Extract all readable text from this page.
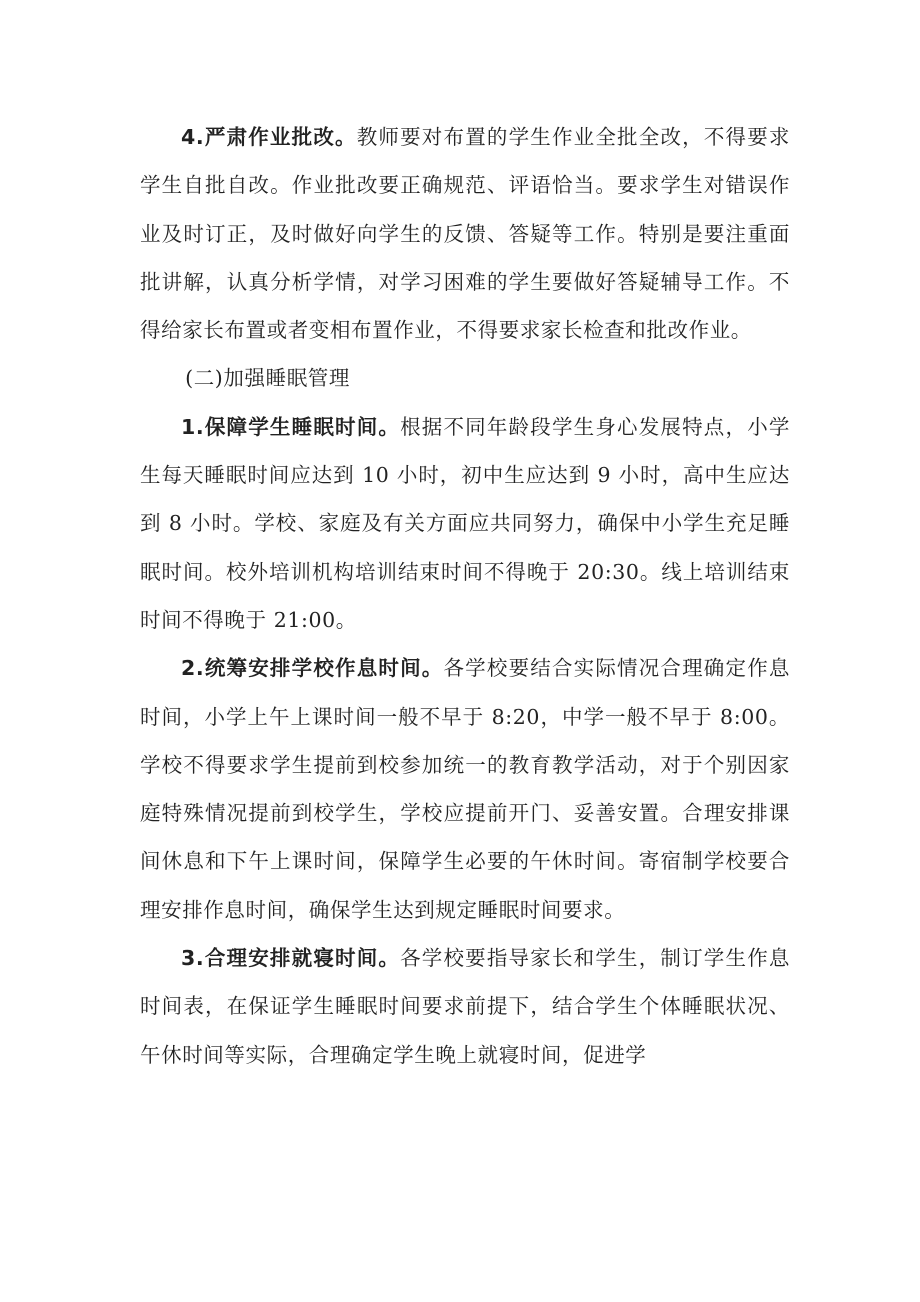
4.严肃作业批改。教师要对布置的学生作业全批全改，不得要求学生自批自改。作业批改要正确规范、评语恰当。要求学生对错误作业及时订正，及时做好向学生的反馈、答疑等工作。特别是要注重面批讲解，认真分析学情，对学习困难的学生要做好答疑辅导工作。不得给家长布置或者变相布置作业，不得要求家长检查和批改作业。

(二)加强睡眠管理

1.保障学生睡眠时间。根据不同年龄段学生身心发展特点，小学生每天睡眠时间应达到 10 小时，初中生应达到 9 小时，高中生应达到 8 小时。学校、家庭及有关方面应共同努力，确保中小学生充足睡眠时间。校外培训机构培训结束时间不得晚于 20:30。线上培训结束时间不得晚于 21:00。

2.统筹安排学校作息时间。各学校要结合实际情况合理确定作息时间，小学上午上课时间一般不早于 8:20，中学一般不早于 8:00。学校不得要求学生提前到校参加统一的教育教学活动，对于个别因家庭特殊情况提前到校学生，学校应提前开门、妥善安置。合理安排课间休息和下午上课时间，保障学生必要的午休时间。寄宿制学校要合理安排作息时间，确保学生达到规定睡眠时间要求。

3.合理安排就寝时间。各学校要指导家长和学生，制订学生作息时间表，在保证学生睡眠时间要求前提下，结合学生个体睡眠状况、午休时间等实际，合理确定学生晚上就寝时间，促进学
